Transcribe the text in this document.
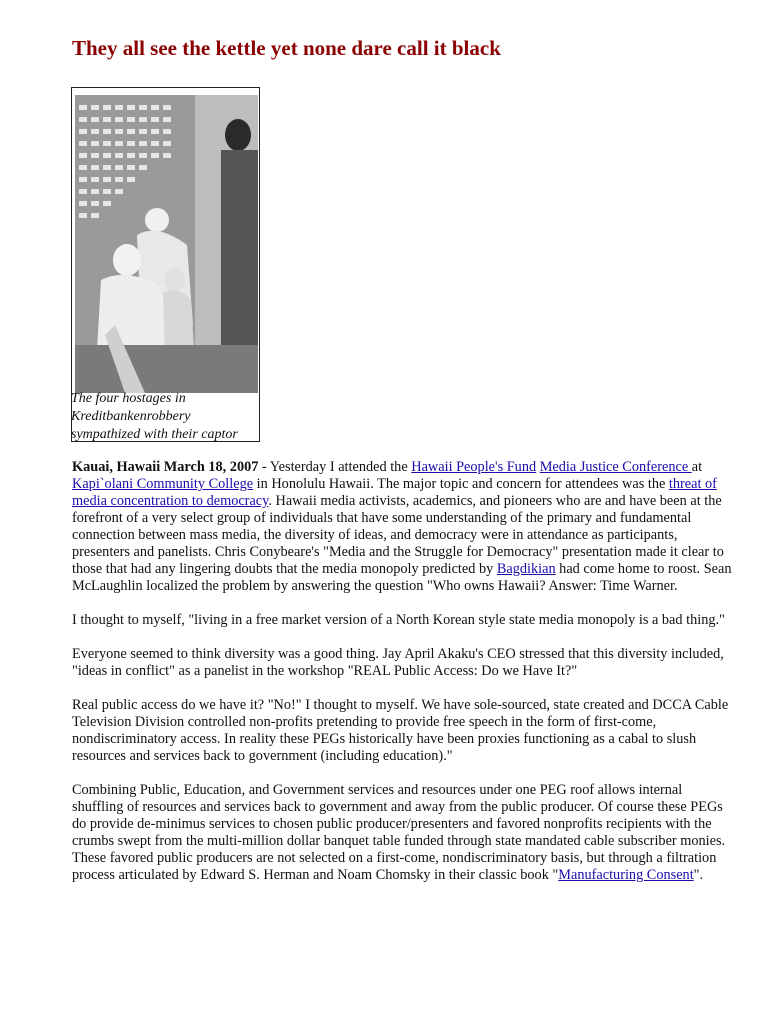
They all see the kettle yet none dare call it black
The four hostages in
Kreditbankenrobbery
sympathized with their captor

Kauai, Hawaii March 18, 2007 - Yesterday I attended the Hawaii People's Fund Media Justice Conference at Kapi`olani Community College in Honolulu Hawaii. The major topic and concern for attendees was the threat of media concentration to democracy. Hawaii media activists, academics, and pioneers who are and have been at the forefront of a very select group of individuals that have some understanding of the primary and fundamental connection between mass media, the diversity of ideas, and democracy were in attendance as participants, presenters and panelists. Chris Conybeare's "Media and the Struggle for Democracy" presentation made it clear to those that had any lingering doubts that the media monopoly predicted by Bagdikian had come home to roost. Sean McLaughlin localized the problem by answering the question "Who owns Hawaii? Answer: Time Warner.

I thought to myself, "living in a free market version of a North Korean style state media monopoly is a bad thing."

Everyone seemed to think diversity was a good thing. Jay April Akaku's CEO stressed that this diversity included, "ideas in conflict" as a panelist in the workshop "REAL Public Access: Do we Have It?"

Real public access do we have it? "No!" I thought to myself. We have sole-sourced, state created and DCCA Cable Television Division controlled non-profits pretending to provide free speech in the form of first-come, nondiscriminatory access. In reality these PEGs historically have been proxies functioning as a cabal to slush resources and services back to government (including education)."

Combining Public, Education, and Government services and resources under one PEG roof allows internal shuffling of resources and services back to government and away from the public producer. Of course these PEGs do provide de-minimus services to chosen public producer/presenters and favored nonprofits recipients with the crumbs swept from the multi-million dollar banquet table funded through state mandated cable subscriber monies. These favored public producers are not selected on a first-come, nondiscriminatory basis, but through a filtration process articulated by Edward S. Herman and Noam Chomsky in their classic book "Manufacturing Consent".
